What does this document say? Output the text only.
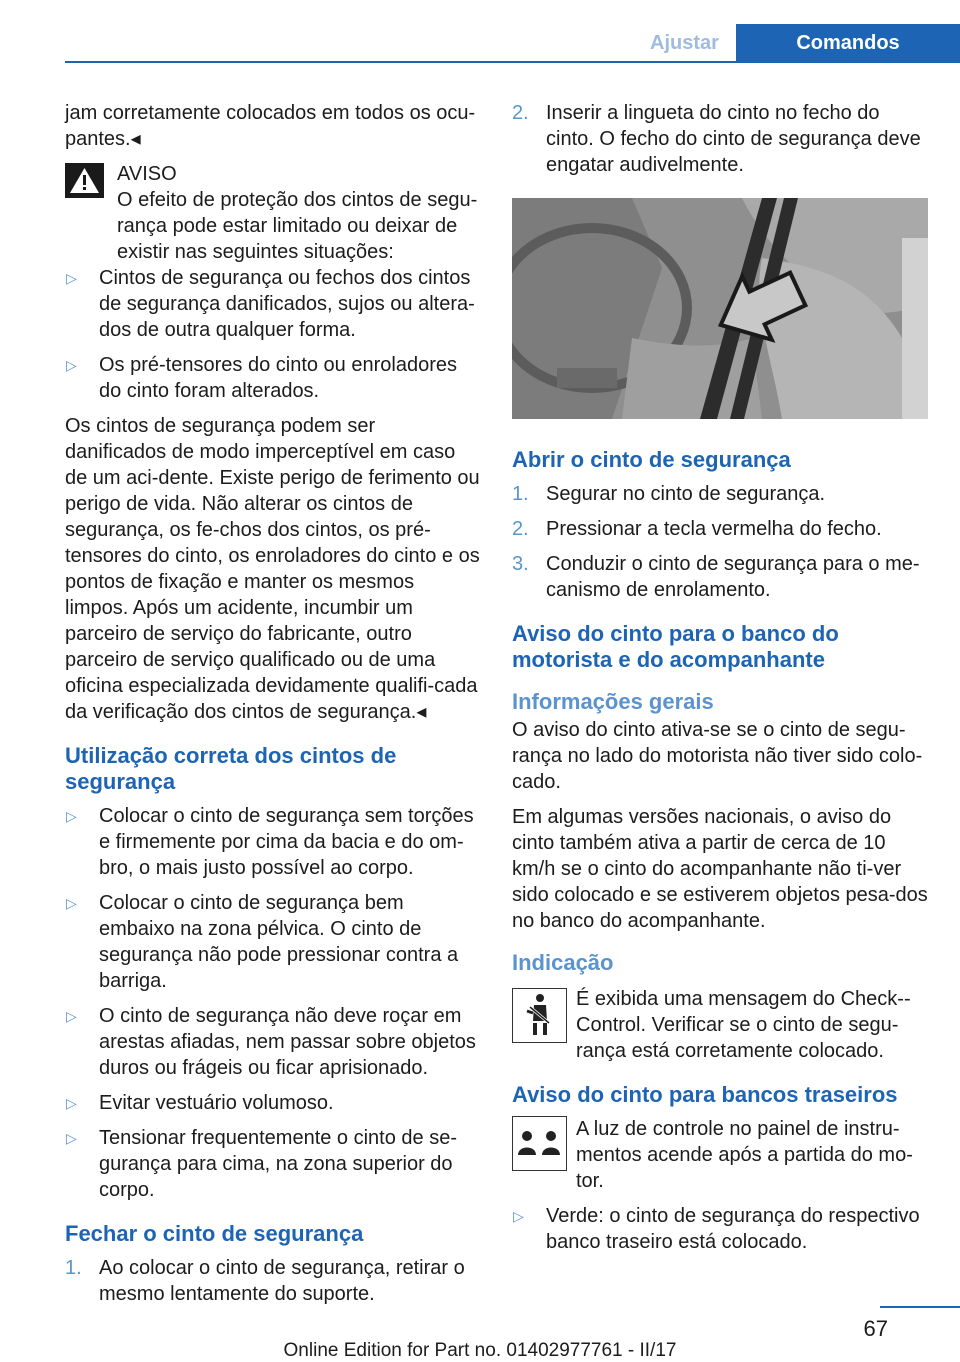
Ajustar	Comandos

jam corretamente colocados em todos os ocu-pantes.◂

AVISO
O efeito de proteção dos cintos de segu-rança pode estar limitado ou deixar de existir nas seguintes situações:
▷ Cintos de segurança ou fechos dos cintos de segurança danificados, sujos ou altera-dos de outra qualquer forma.
▷ Os pré-tensores do cinto ou enroladores do cinto foram alterados.

Os cintos de segurança podem ser danificados de modo imperceptível em caso de um aci-dente. Existe perigo de ferimento ou perigo de vida. Não alterar os cintos de segurança, os fe-chos dos cintos, os pré-tensores do cinto, os enroladores do cinto e os pontos de fixação e manter os mesmos limpos. Após um acidente, incumbir um parceiro de serviço do fabricante, outro parceiro de serviço qualificado ou de uma oficina especializada devidamente qualifi-cada da verificação dos cintos de segurança.◂

Utilização correta dos cintos de segurança
▷ Colocar o cinto de segurança sem torções e firmemente por cima da bacia e do om-bro, o mais justo possível ao corpo.
▷ Colocar o cinto de segurança bem embaixo na zona pélvica. O cinto de segurança não pode pressionar contra a barriga.
▷ O cinto de segurança não deve roçar em arestas afiadas, nem passar sobre objetos duros ou frágeis ou ficar aprisionado.
▷ Evitar vestuário volumoso.
▷ Tensionar frequentemente o cinto de se-gurança para cima, na zona superior do corpo.
Fechar o cinto de segurança
1. Ao colocar o cinto de segurança, retirar o mesmo lentamente do suporte.
2. Inserir a lingueta do cinto no fecho do cinto. O fecho do cinto de segurança deve engatar audivelmente.
Abrir o cinto de segurança
1. Segurar no cinto de segurança.
2. Pressionar a tecla vermelha do fecho.
3. Conduzir o cinto de segurança para o me-canismo de enrolamento.
Aviso do cinto para o banco do motorista e do acompanhante
Informações gerais

O aviso do cinto ativa-se se o cinto de segu-rança no lado do motorista não tiver sido colo-cado.

Em algumas versões nacionais, o aviso do cinto também ativa a partir de cerca de 10 km/h se o cinto do acompanhante não ti-ver sido colocado e se estiverem objetos pesa-dos no banco do acompanhante.

Indicação
É exibida uma mensagem do Check--Control. Verificar se o cinto de segu-rança está corretamente colocado.
Aviso do cinto para bancos traseiros
A luz de controle no painel de instru-mentos acende após a partida do mo-tor.
▷ Verde: o cinto de segurança do respectivo banco traseiro está colocado.
67
Online Edition for Part no. 01402977761 - II/17
